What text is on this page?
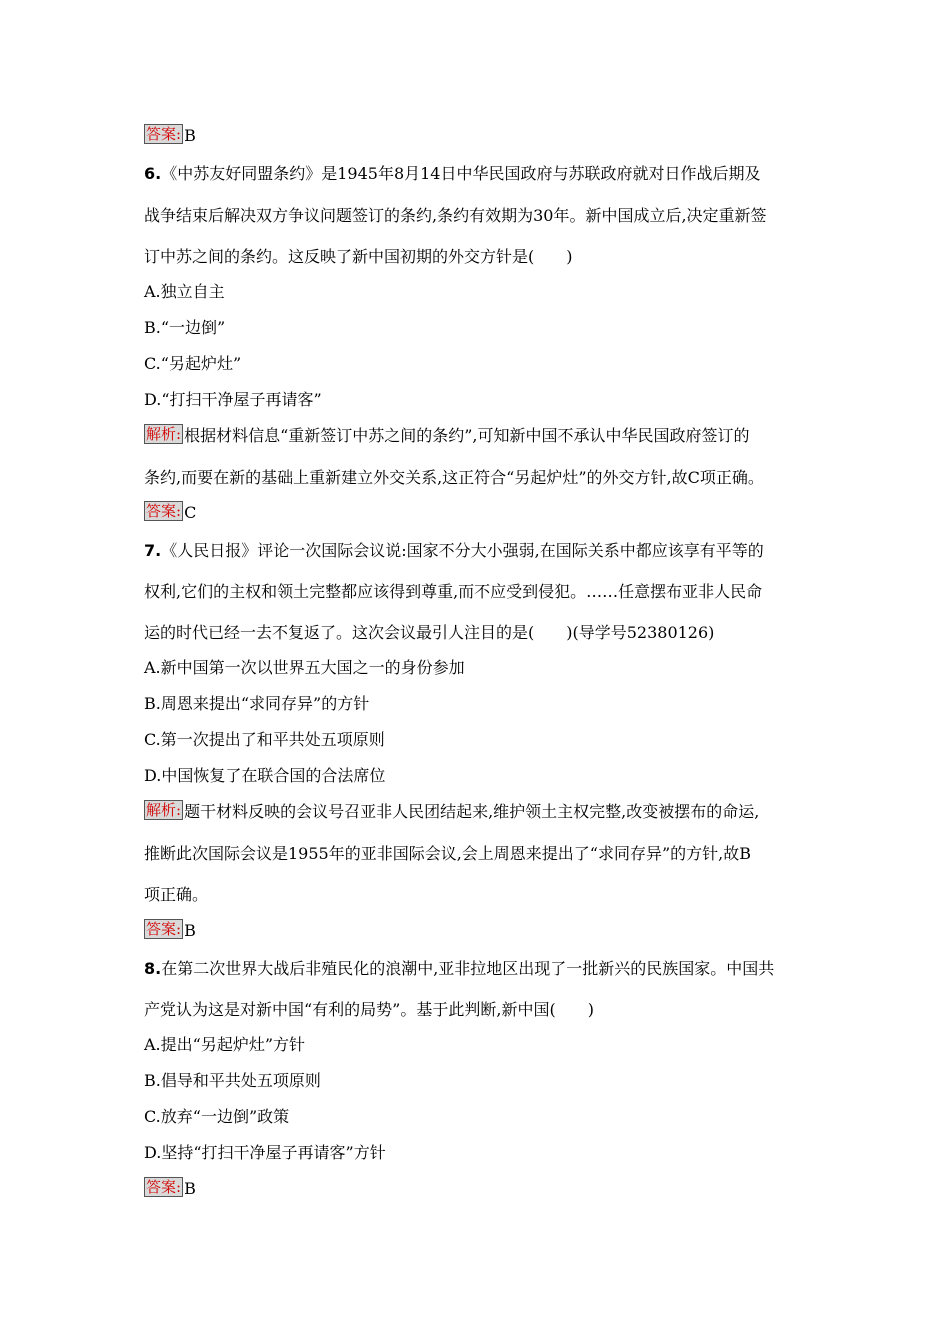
答案: B
6.《中苏友好同盟条约》是1945年8月14日中华民国政府与苏联政府就对日作战后期及
战争结束后解决双方争议问题签订的条约,条约有效期为30年。新中国成立后,决定重新签
订中苏之间的条约。这反映了新中国初期的外交方针是(　　)
A.独立自主
B.“一边倒”
C.“另起炉灶”
D.“打扫干净屋子再请客”
解析: 根据材料信息“重新签订中苏之间的条约”,可知新中国不承认中华民国政府签订的
条约,而要在新的基础上重新建立外交关系,这正符合“另起炉灶”的外交方针,故C项正确。
答案: C
7.《人民日报》评论一次国际会议说:国家不分大小强弱,在国际关系中都应该享有平等的
权利,它们的主权和领土完整都应该得到尊重,而不应受到侵犯。……任意摆布亚非人民命
运的时代已经一去不复返了。这次会议最引人注目的是(　　)(导学号52380126)
A.新中国第一次以世界五大国之一的身份参加
B.周恩来提出“求同存异”的方针
C.第一次提出了和平共处五项原则
D.中国恢复了在联合国的合法席位
解析: 题干材料反映的会议号召亚非人民团结起来,维护领土主权完整,改变被摆布的命运,
推断此次国际会议是1955年的亚非国际会议,会上周恩来提出了“求同存异”的方针,故B
项正确。
答案: B
8.在第二次世界大战后非殖民化的浪潮中,亚非拉地区出现了一批新兴的民族国家。中国共
产党认为这是对新中国“有利的局势”。基于此判断,新中国(　　)
A.提出“另起炉灶”方针
B.倡导和平共处五项原则
C.放弃“一边倒”政策
D.坚持“打扫干净屋子再请客”方针
答案: B
